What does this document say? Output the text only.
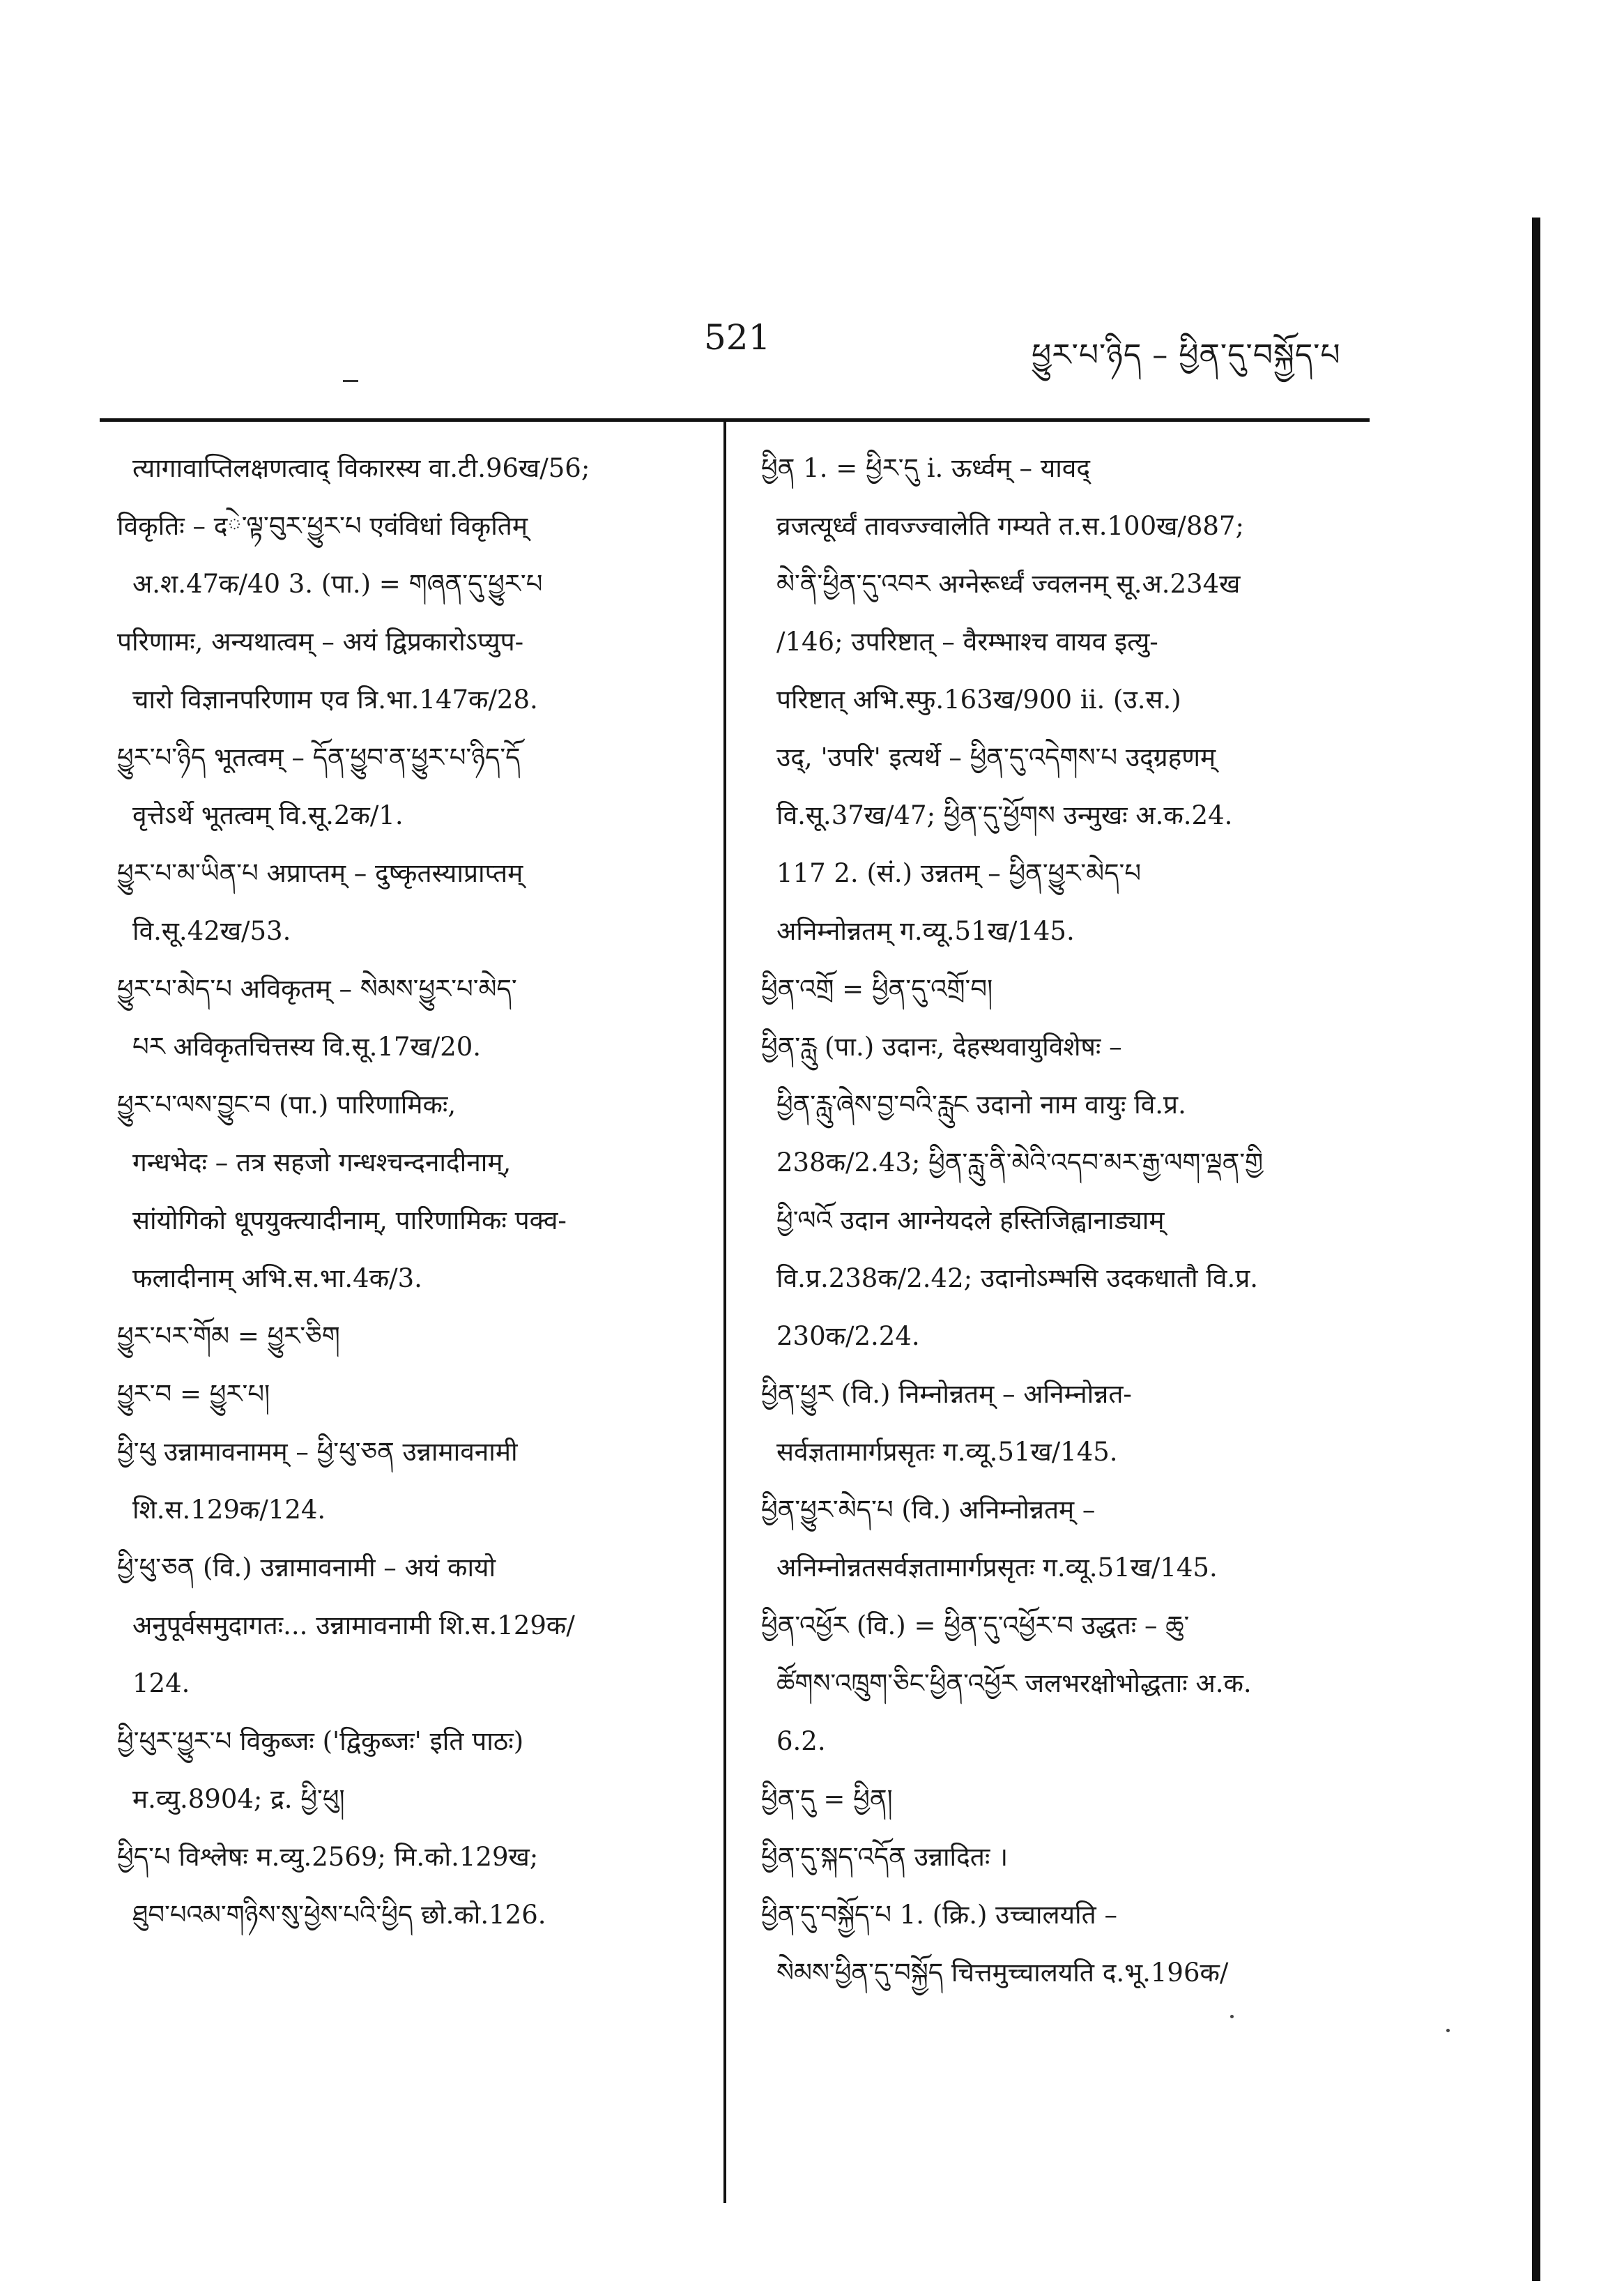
521	ཕྱུར་པ་ཉིད – ཕྱིན་དུ་བསྐྱོད་པ
त्यागावाप्तिलक्षणत्वाद् विकारस्य वा.टी.96ख/56;
विकृतिः – दེ་ལྟ་བུར་ཕྱུར་པ एवंविधां विकृतिम्
अ.श.47क/40 3. (पा.) = གཞན་དུ་ཕྱུར་པ
परिणामः, अन्यथात्वम् – अयं द्विप्रकारोऽप्युप-
चारो विज्ञानपरिणाम एव त्रि.भा.147क/28.
ཕྱུར་པ་ཉིད भूतत्वम् – དོན་ཕྱུབ་ན་ཕྱུར་པ་ཉིད་དོ
वृत्तेऽर्थे भूतत्वम् वि.सू.2क/1.
ཕྱུར་པ་མ་ཡིན་པ अप्राप्तम् – दुष्कृतस्याप्राप्तम्
वि.सू.42ख/53.
ཕྱུར་པ་མེད་པ अविकृतम् – སེམས་ཕྱུར་པ་མེད་
པར अविकृतचित्तस्य वि.सू.17ख/20.
ཕྱུར་པ་ལས་བྱུང་བ (पा.) पारिणामिकः,
गन्धभेदः – तत्र सहजो गन्धश्चन्दनादीनाम्,
सांयोगिको धूपयुक्त्यादीनाम्, पारिणामिकः पक्व-
फलादीनाम् अभि.स.भा.4क/3.
ཕྱུར་པར་གོམ = ཕྱུར་ཅིག
ཕྱུར་བ = ཕྱུར་པ།
ཕྱི་ཕུ उन्नामावनामम् – ཕྱི་ཕུ་ཅན उन्नामावनामी
शि.स.129क/124.
ཕྱི་ཕུ་ཅན (वि.) उन्नामावनामी – अयं कायो
अनुपूर्वसमुदागतः... उन्नामावनामी शि.स.129क/
124.
ཕྱི་ཕུར་ཕྱུར་པ विकुब्जः ('द्विकुब्जः' इति पाठः)
म.व्यु.8904; द्र. ཕྱི་ཕུ།
ཕྱིད་པ विश्लेषः म.व्यु.2569; मि.को.129ख;
ཐུབ་པའམ་གཉིས་སུ་ཕྱེས་པའི་ཕྱིད छो.को.126.
ཕྱིན 1. = ཕྱིར་དུ i. ऊर्ध्वम् – यावद्
व्रजत्यूर्ध्वं तावज्ज्वालेति गम्यते त.स.100ख/887;
མེ་ནི་ཕྱིན་དུ་འབར अग्नेरूर्ध्वं ज्वलनम् सू.अ.234ख
/146; उपरिष्टात् – वैरम्भाश्च वायव इत्यु-
परिष्टात् अभि.स्फु.163ख/900 ii. (उ.स.)
उद्, 'उपरि' इत्यर्थे – ཕྱིན་དུ་འདེགས་པ उद्ग्रहणम्
वि.सू.37ख/47; ཕྱིན་དུ་ཕྱོགས उन्मुखः अ.क.24.
117 2. (सं.) उन्नतम् – ཕྱིན་ཕྱུར་མེད་པ
अनिम्नोन्नतम् ग.व्यू.51ख/145.
ཕྱིན་འགྲོ = ཕྱིན་དུ་འགྲོ་བ།
ཕྱིན་རླུ (पा.) उदानः, देहस्थवायुविशेषः –
ཕྱིན་རླུ་ཞེས་བྱ་བའི་རླུང उदानो नाम वायुः वि.प्र.
238क/2.43; ཕྱིན་རླུ་ནི་མེའི་འདབ་མར་རྒྱ་ལག་ལྡན་གྱི
ཕྱི་ལའོ उदान आग्नेयदले हस्तिजिह्वानाड्याम्
वि.प्र.238क/2.42; उदानोऽम्भसि उदकधातौ वि.प्र.
230क/2.24.
ཕྱིན་ཕྱུར (वि.) निम्नोन्नतम् – अनिम्नोन्नत-
सर्वज्ञतामार्गप्रसृतः ग.व्यू.51ख/145.
ཕྱིན་ཕྱུར་མེད་པ (वि.) अनिम्नोन्नतम् –
अनिम्नोन्नतसर्वज्ञतामार्गप्रसृतः ग.व्यू.51ख/145.
ཕྱིན་འཕྱོར (वि.) = ཕྱིན་དུ་འཕྱོར་བ उद्धतः – ཆུ་
ཚོགས་འཁྲུག་ཅིང་ཕྱིན་འཕྱོར जलभरक्षोभोद्धताः अ.क.
6.2.
ཕྱིན་དུ = ཕྱིན།
ཕྱིན་དུ་སྐད་འདོན उन्नादितः ।
ཕྱིན་དུ་བསྐྱོད་པ 1. (क्रि.) उच्चालयति –
སེམས་ཕྱིན་དུ་བསྐྱོད चित्तमुच्चालयति द.भू.196क/
